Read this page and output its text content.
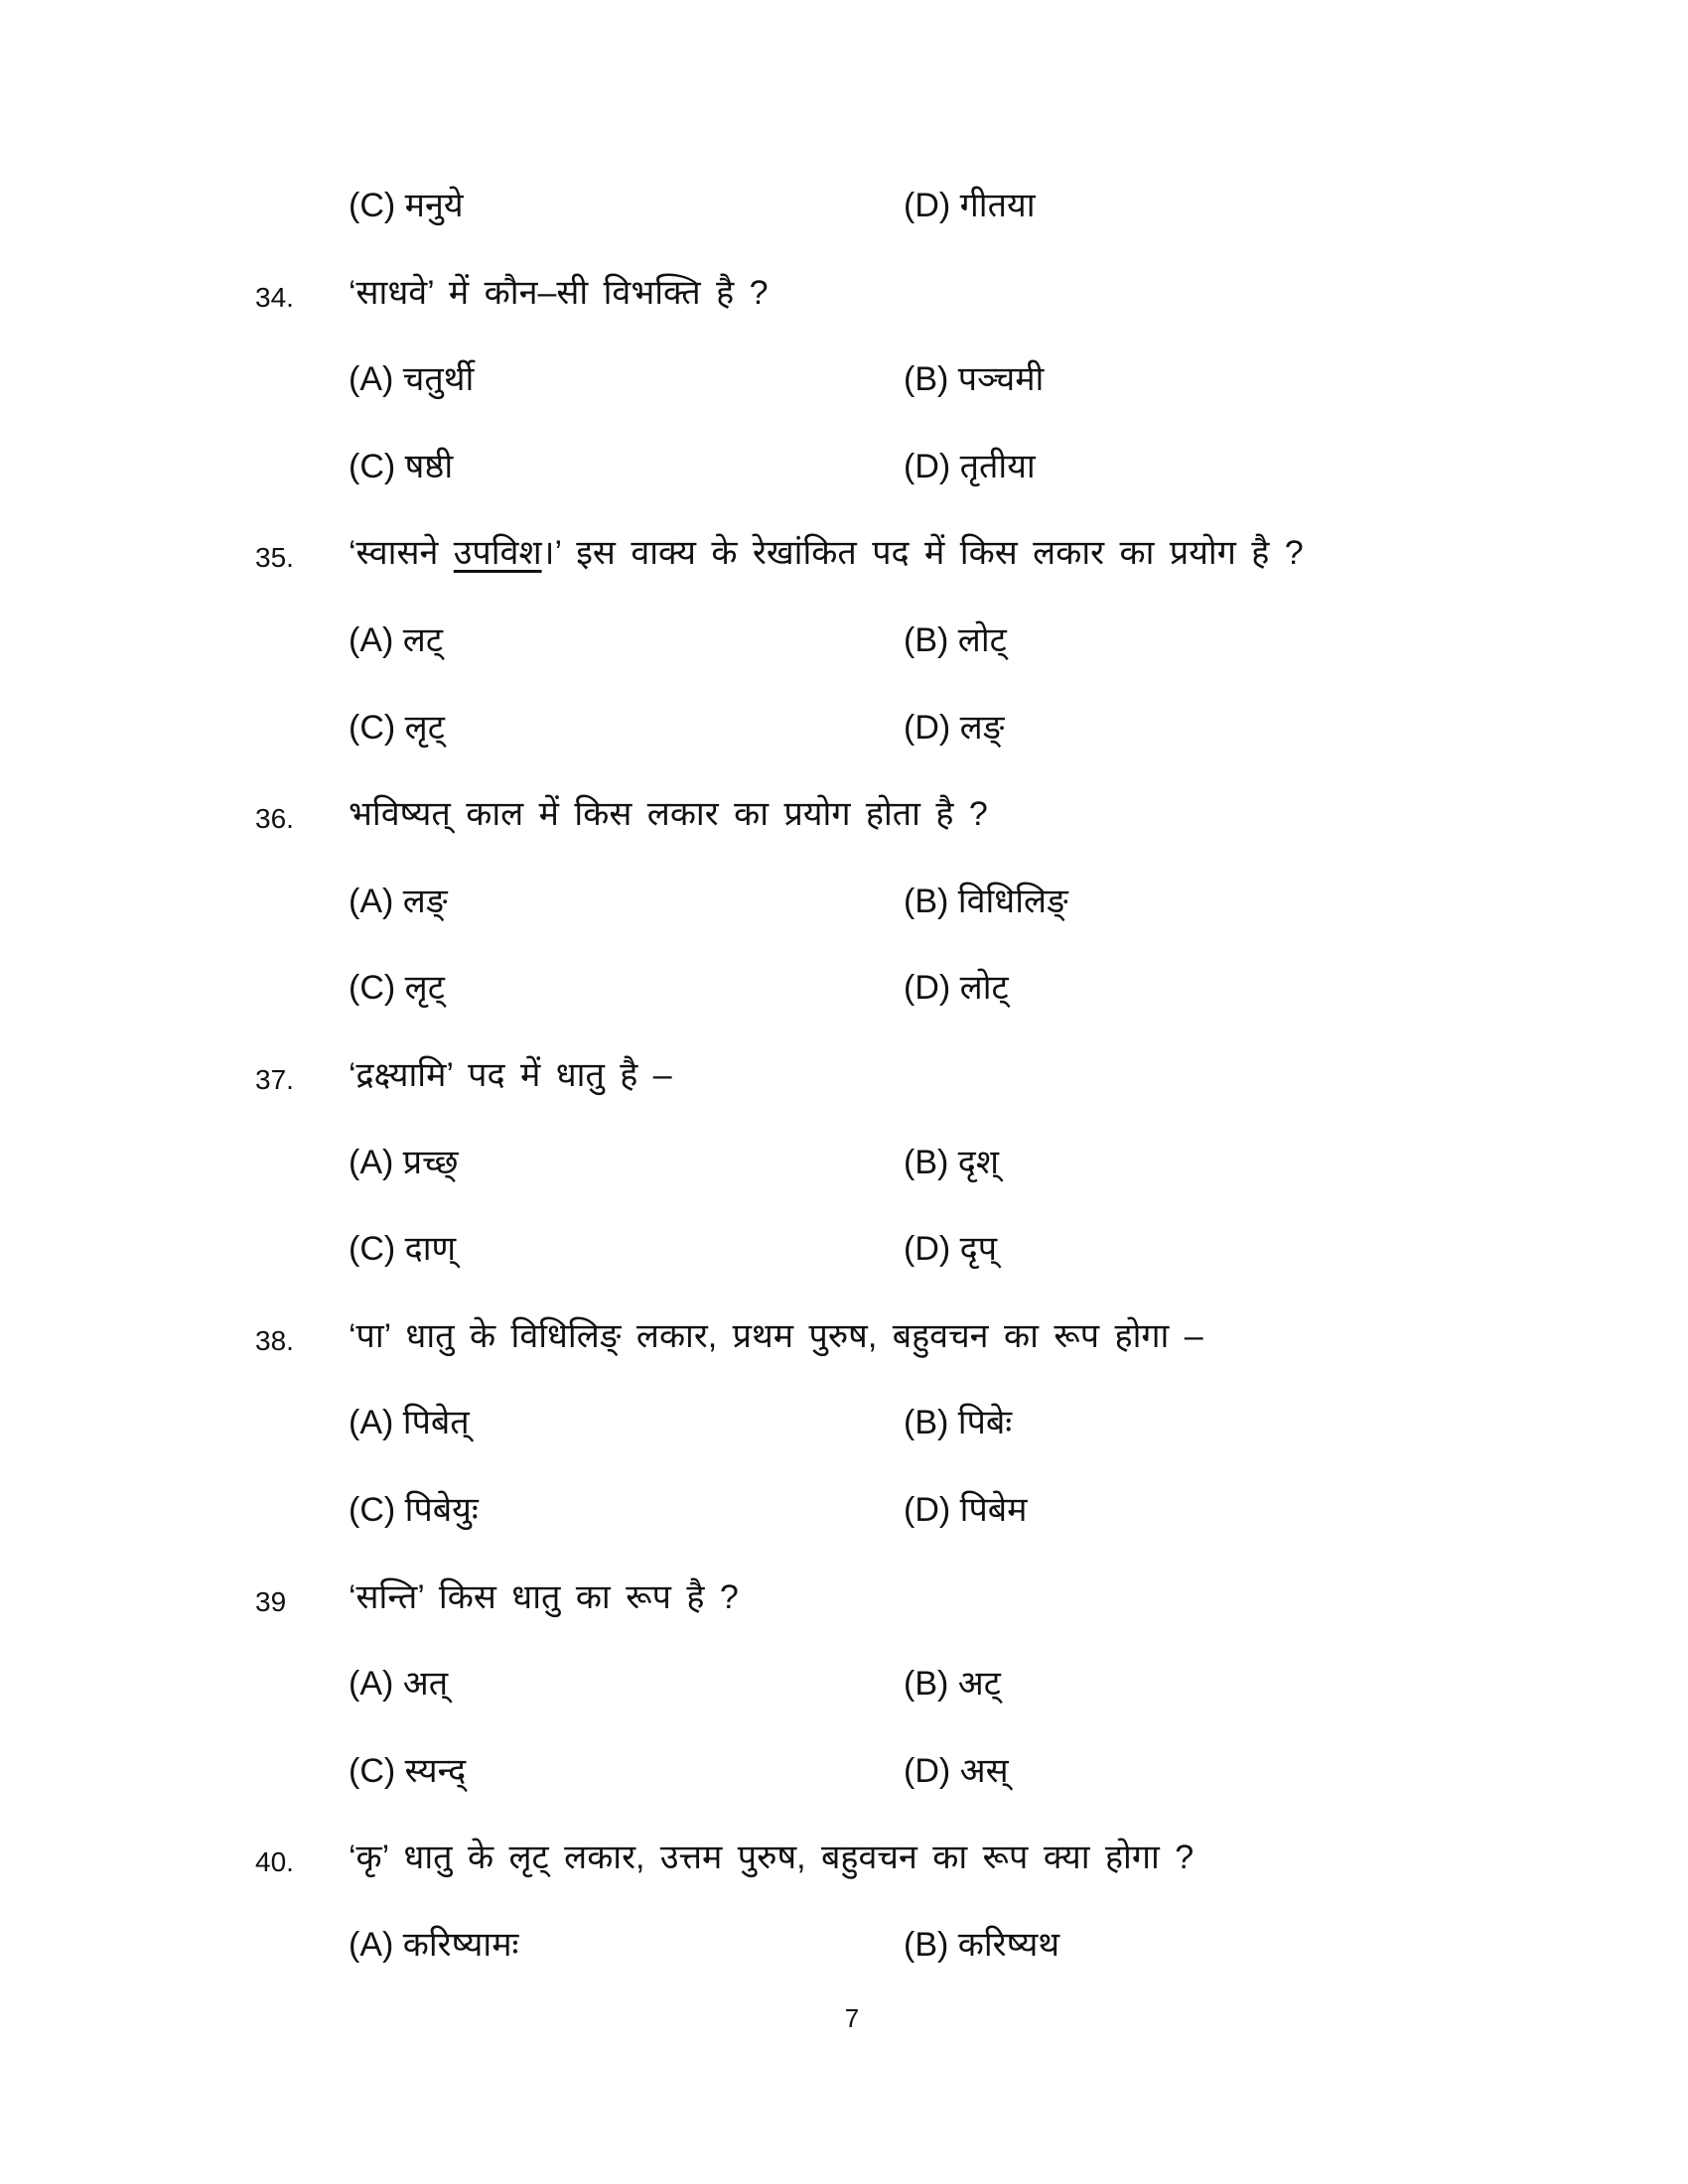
(C) मनुये	(D) गीतया
34. ‘साधवे’ में कौन–सी विभक्ति है ?
(A) चतुर्थी	(B) पञ्चमी
(C) षष्ठी	(D) तृतीया
35. ‘स्वासने उपविश।’ इस वाक्य के रेखांकित पद में किस लकार का प्रयोग है ?
(A) लट्	(B) लोट्
(C) लृट्	(D) लङ्
36. भविष्यत् काल में किस लकार का प्रयोग होता है ?
(A) लङ्	(B) विधिलिङ्
(C) लृट्	(D) लोट्
37. ‘द्रक्ष्यामि’ पद में धातु है –
(A) प्रच्छ्	(B) दृश्
(C) दाण्	(D) दृप्
38. ‘पा’ धातु के विधिलिङ् लकार, प्रथम पुरुष, बहुवचन का रूप होगा –
(A) पिबेत्	(B) पिबेः
(C) पिबेयुः	(D) पिबेम
39 ‘सन्ति’ किस धातु का रूप है ?
(A) अत्	(B) अट्
(C) स्यन्द्	(D) अस्
40. ‘कृ’ धातु के लृट् लकार, उत्तम पुरुष, बहुवचन का रूप क्या होगा ?
(A) करिष्यामः	(B) करिष्यथ
7
